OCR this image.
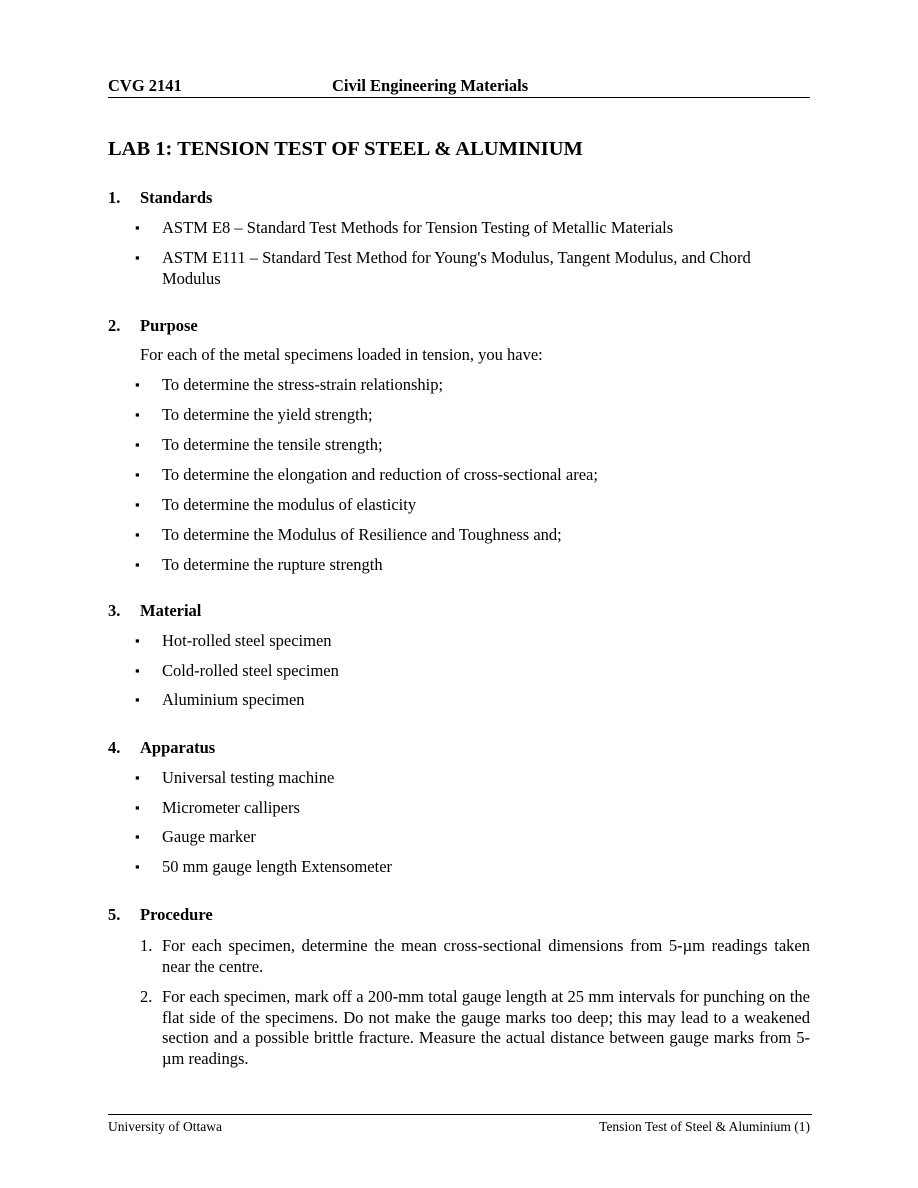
CVG 2141	Civil Engineering Materials
LAB 1: TENSION TEST OF STEEL & ALUMINIUM
1. Standards
▪ ASTM E8 – Standard Test Methods for Tension Testing of Metallic Materials
▪ ASTM E111 – Standard Test Method for Young's Modulus, Tangent Modulus, and Chord Modulus
2. Purpose
For each of the metal specimens loaded in tension, you have:
▪ To determine the stress-strain relationship;
▪ To determine the yield strength;
▪ To determine the tensile strength;
▪ To determine the elongation and reduction of cross-sectional area;
▪ To determine the modulus of elasticity
▪ To determine the Modulus of Resilience and Toughness and;
▪ To determine the rupture strength
3. Material
▪ Hot-rolled steel specimen
▪ Cold-rolled steel specimen
▪ Aluminium specimen
4. Apparatus
▪ Universal testing machine
▪ Micrometer callipers
▪ Gauge marker
▪ 50 mm gauge length Extensometer
5. Procedure
1. For each specimen, determine the mean cross-sectional dimensions from 5-µm readings taken near the centre.
2. For each specimen, mark off a 200-mm total gauge length at 25 mm intervals for punching on the flat side of the specimens. Do not make the gauge marks too deep; this may lead to a weakened section and a possible brittle fracture. Measure the actual distance between gauge marks from 5-µm readings.
University of Ottawa	Tension Test of Steel & Aluminium (1)
